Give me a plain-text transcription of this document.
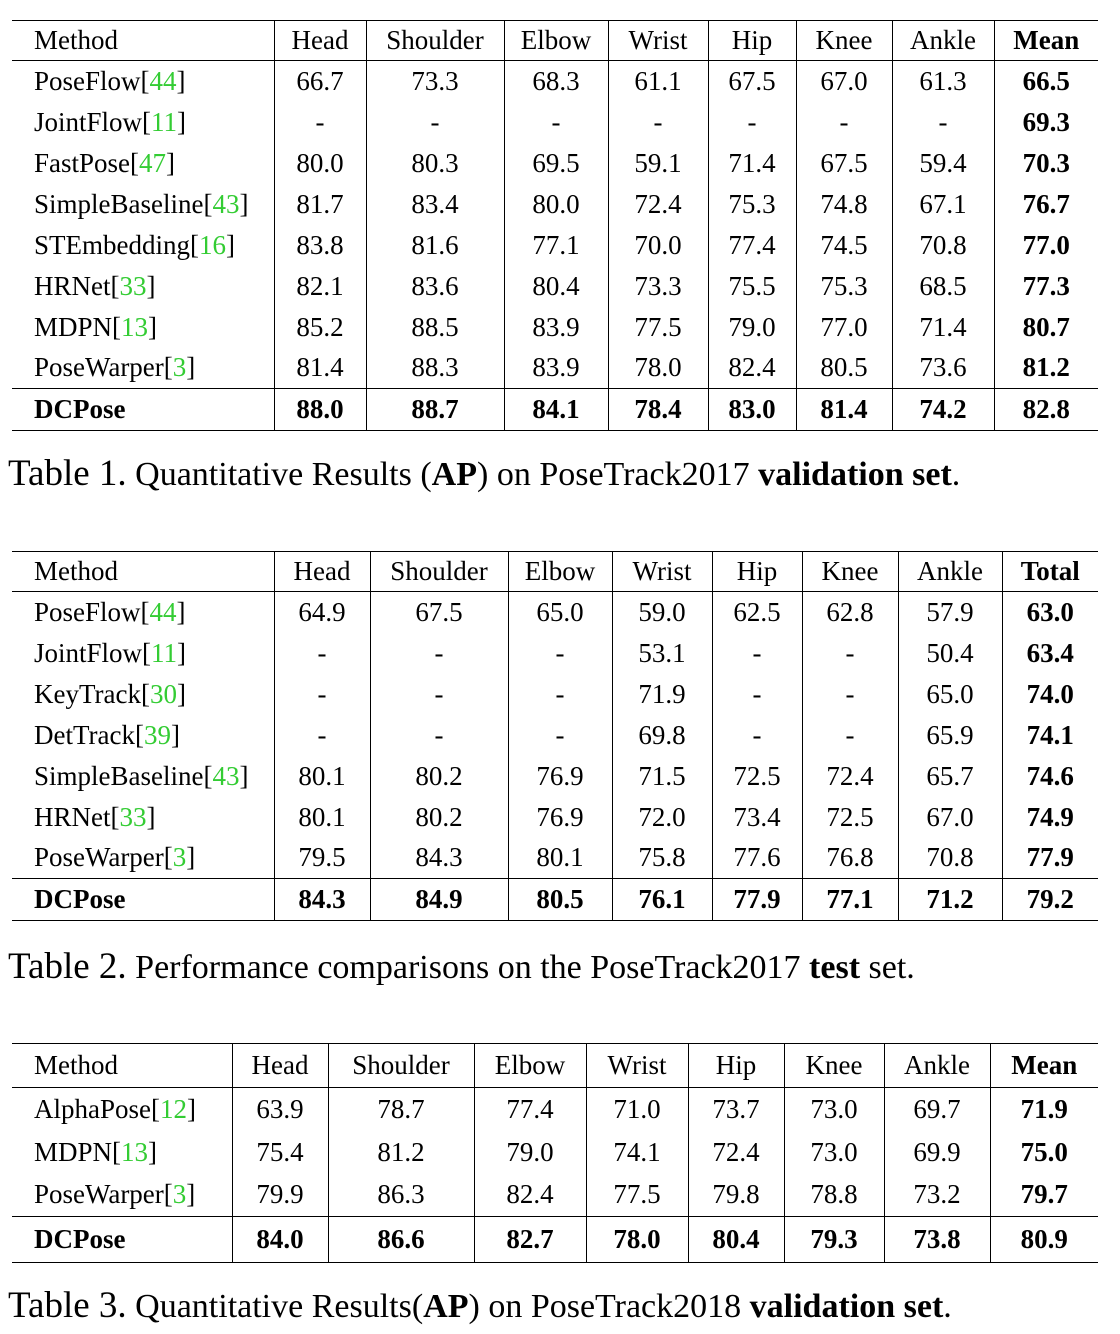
Method	Head	Shoulder	Elbow	Wrist	Hip	Knee	Ankle	Mean
PoseFlow[44]	66.7	73.3	68.3	61.1	67.5	67.0	61.3	66.5
JointFlow[11]	-	-	-	-	-	-	-	69.3
FastPose[47]	80.0	80.3	69.5	59.1	71.4	67.5	59.4	70.3
SimpleBaseline[43]	81.7	83.4	80.0	72.4	75.3	74.8	67.1	76.7
STEmbedding[16]	83.8	81.6	77.1	70.0	77.4	74.5	70.8	77.0
HRNet[33]	82.1	83.6	80.4	73.3	75.5	75.3	68.5	77.3
MDPN[13]	85.2	88.5	83.9	77.5	79.0	77.0	71.4	80.7
PoseWarper[3]	81.4	88.3	83.9	78.0	82.4	80.5	73.6	81.2
DCPose	88.0	88.7	84.1	78.4	83.0	81.4	74.2	82.8
Table 1. Quantitative Results (AP) on PoseTrack2017 validation set.
Method	Head	Shoulder	Elbow	Wrist	Hip	Knee	Ankle	Total
PoseFlow[44]	64.9	67.5	65.0	59.0	62.5	62.8	57.9	63.0
JointFlow[11]	-	-	-	53.1	-	-	50.4	63.4
KeyTrack[30]	-	-	-	71.9	-	-	65.0	74.0
DetTrack[39]	-	-	-	69.8	-	-	65.9	74.1
SimpleBaseline[43]	80.1	80.2	76.9	71.5	72.5	72.4	65.7	74.6
HRNet[33]	80.1	80.2	76.9	72.0	73.4	72.5	67.0	74.9
PoseWarper[3]	79.5	84.3	80.1	75.8	77.6	76.8	70.8	77.9
DCPose	84.3	84.9	80.5	76.1	77.9	77.1	71.2	79.2
Table 2. Performance comparisons on the PoseTrack2017 test set.
Method	Head	Shoulder	Elbow	Wrist	Hip	Knee	Ankle	Mean
AlphaPose[12]	63.9	78.7	77.4	71.0	73.7	73.0	69.7	71.9
MDPN[13]	75.4	81.2	79.0	74.1	72.4	73.0	69.9	75.0
PoseWarper[3]	79.9	86.3	82.4	77.5	79.8	78.8	73.2	79.7
DCPose	84.0	86.6	82.7	78.0	80.4	79.3	73.8	80.9
Table 3. Quantitative Results(AP) on PoseTrack2018 validation set.
